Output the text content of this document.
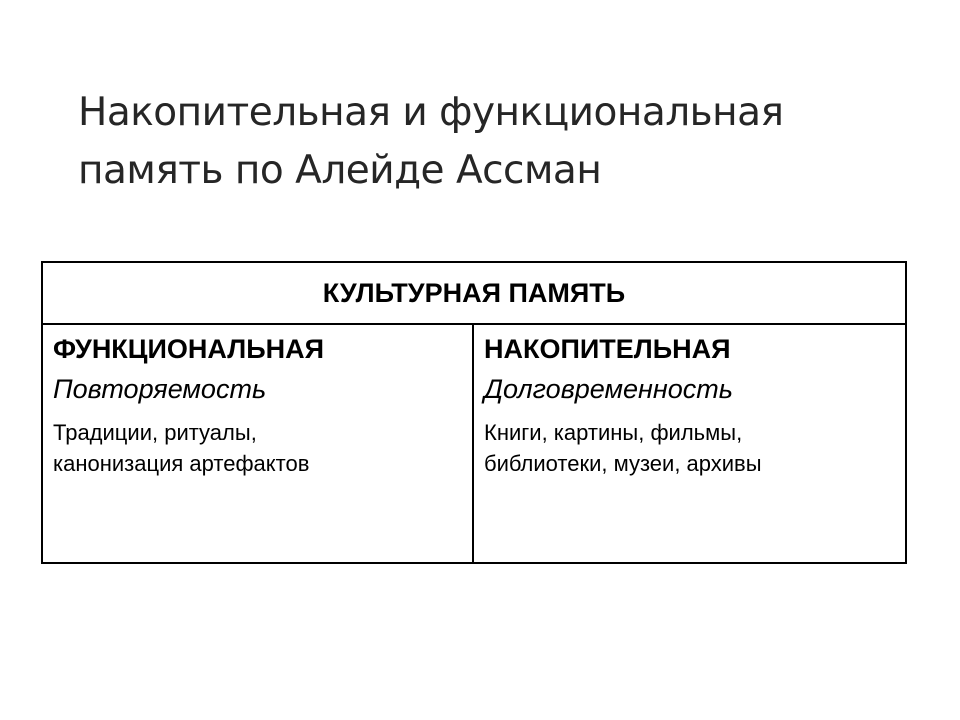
Накопительная и функциональная
память по Алейде Ассман
КУЛЬТУРНАЯ ПАМЯТЬ
ФУНКЦИОНАЛЬНАЯ
Повторяемость
Традиции, ритуалы,
канонизация артефактов
НАКОПИТЕЛЬНАЯ
Долговременность
Книги, картины, фильмы,
библиотеки, музеи, архивы
